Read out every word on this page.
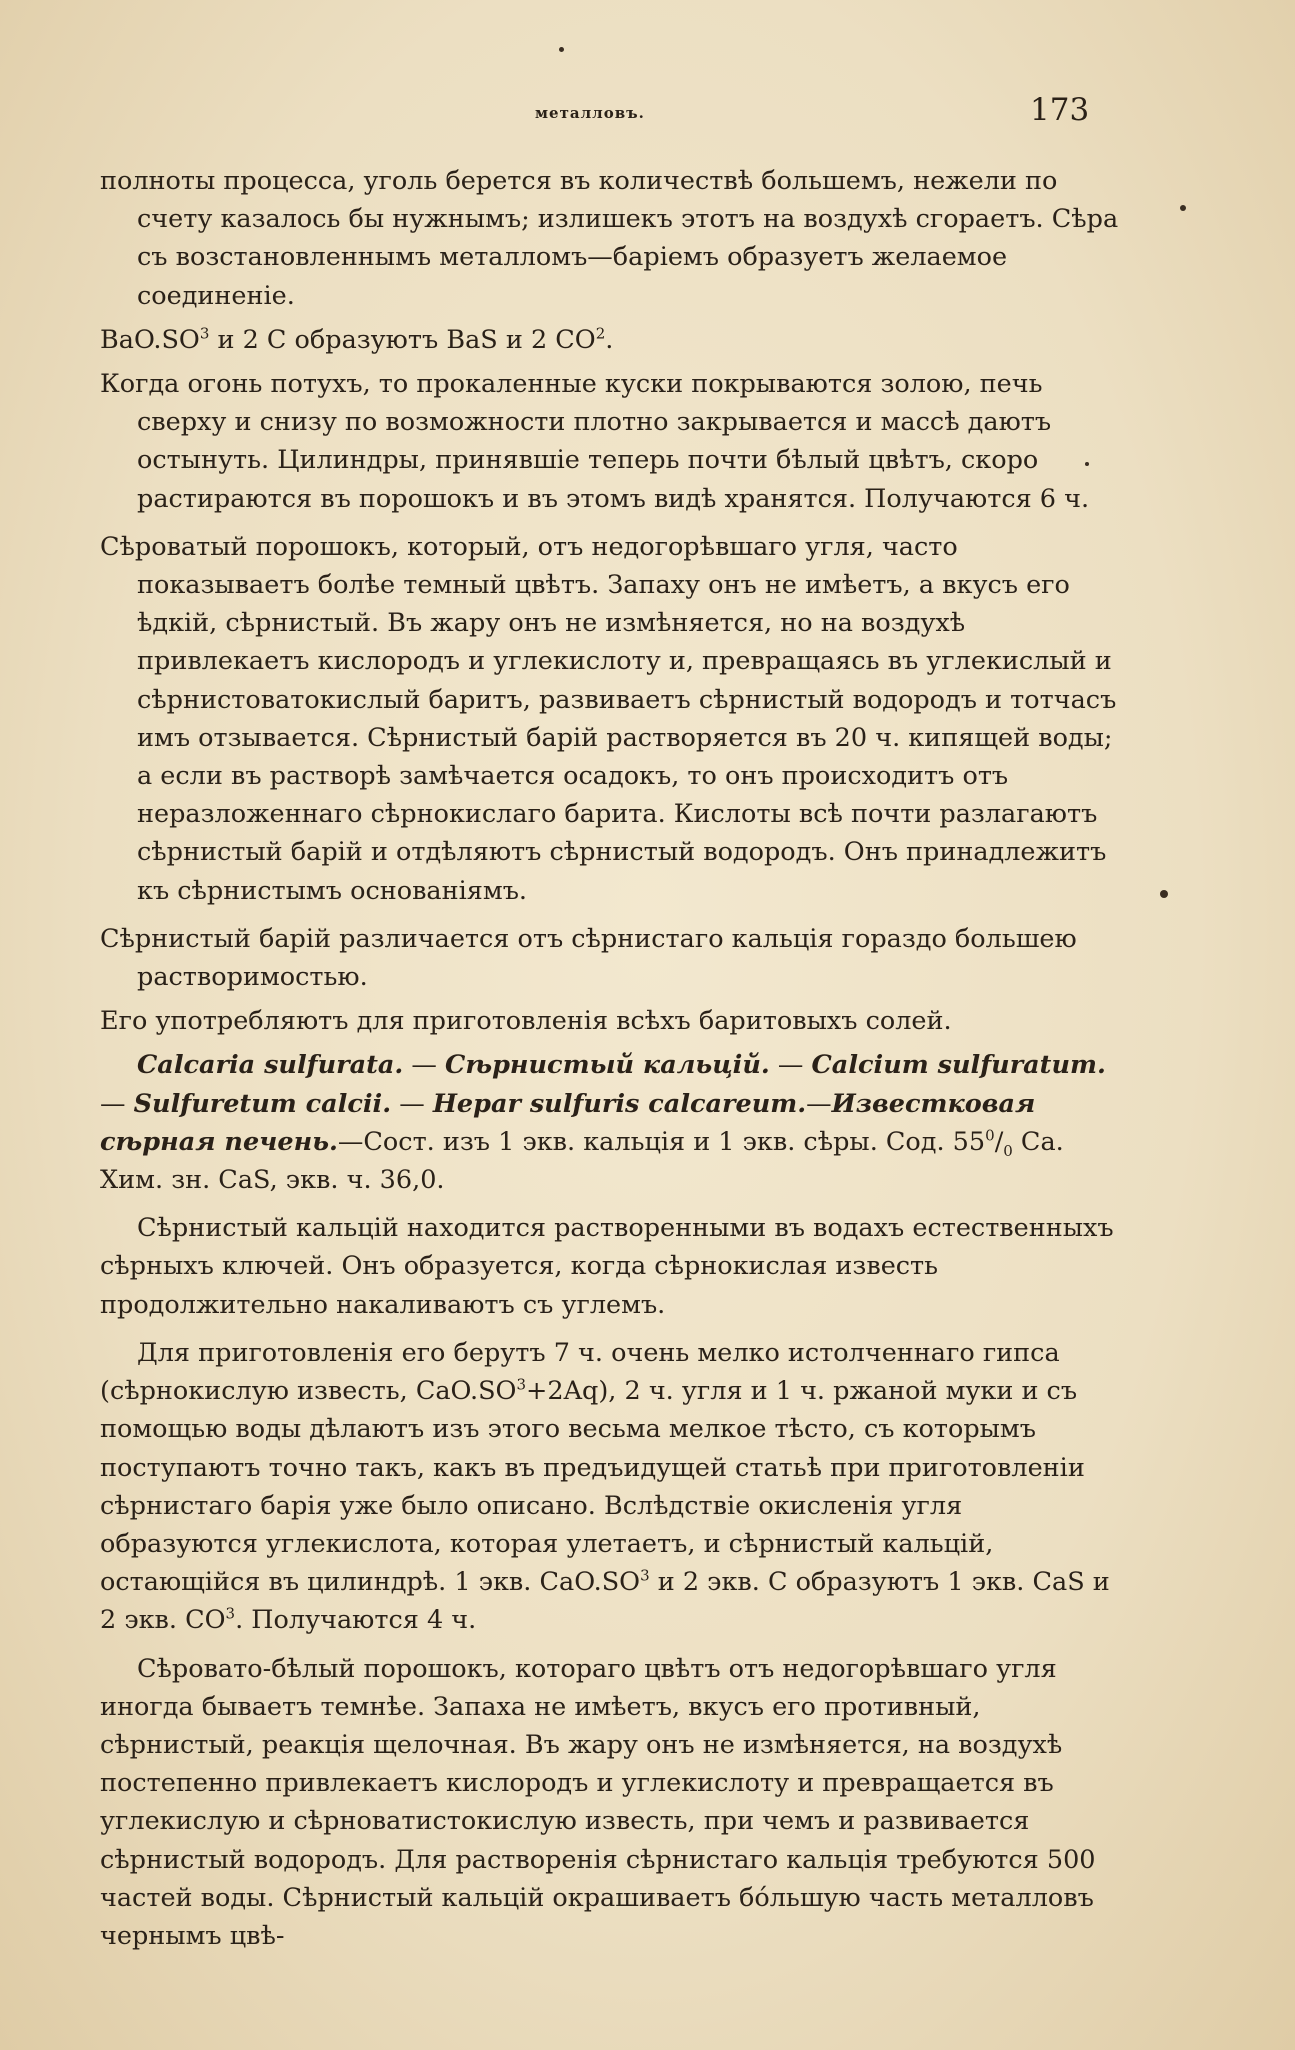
металловъ.	173

полноты процесса, уголь берется въ количествѣ большемъ, нежели по счету казалось бы нужнымъ; излишекъ этотъ на воздухѣ сгораетъ. Сѣра съ возстановленнымъ металломъ—баріемъ образуетъ желаемое соединеніе.

$BaO.SO^3$ и 2 C образуютъ BaS и 2 $CO^2$.

Когда огонь потухъ, то прокаленные куски покрываются золою, печь сверху и снизу по возможности плотно закрывается и массѣ даютъ остынуть. Цилиндры, принявшіе теперь почти бѣлый цвѣтъ, скоро растираются въ порошокъ и въ этомъ видѣ хранятся. Получаются 6 ч.

Сѣроватый порошокъ, который, отъ недогорѣвшаго угля, часто показываетъ болѣе темный цвѣтъ. Запаху онъ не имѣетъ, а вкусъ его ѣдкій, сѣрнистый. Въ жару онъ не измѣняется, но на воздухѣ привлекаетъ кислородъ и углекислоту и, превращаясь въ углекислый и сѣрнистоватокислый баритъ, развиваетъ сѣрнистый водородъ и тотчасъ имъ отзывается. Сѣрнистый барій растворяется въ 20 ч. кипящей воды; а если въ растворѣ замѣчается осадокъ, то онъ происходитъ отъ неразложеннаго сѣрнокислаго барита. Кислоты всѣ почти разлагаютъ сѣрнистый барій и отдѣляютъ сѣрнистый водородъ. Онъ принадлежитъ къ сѣрнистымъ основаніямъ.

Сѣрнистый барій различается отъ сѣрнистаго кальція гораздо большею растворимостью.

Его употребляютъ для приготовленія всѣхъ баритовыхъ солей.

Calcaria sulfurata. — Сѣрнистый кальцій. — Calcium sulfuratum. — Sulfuretum calcii. — Hepar sulfuris calcareum.—Известковая сѣрная печень.—Сост. изъ 1 экв. кальція и 1 экв. сѣры. Сод. $55^0/_0$ Ca. Хим. зн. CaS, экв. ч. 36,0.

Сѣрнистый кальцій находится растворенными въ водахъ естественныхъ сѣрныхъ ключей. Онъ образуется, когда сѣрнокислая известь продолжительно накаливаютъ съ углемъ.

Для приготовленія его берутъ 7 ч. очень мелко истолченнаго гипса (сѣрнокислую известь, $CaO.SO^3+2Aq$), 2 ч. угля и 1 ч. ржаной муки и съ помощью воды дѣлаютъ изъ этого весьма мелкое тѣсто, съ которымъ поступаютъ точно такъ, какъ въ предъидущей статьѣ при приготовленіи сѣрнистаго барія уже было описано. Вслѣдствіе окисленія угля образуются углекислота, которая улетаетъ, и сѣрнистый кальцій, остающійся въ цилиндрѣ. 1 экв. $CaO.SO^3$ и 2 экв. C образуютъ 1 экв. CaS и 2 экв. $CO^3$. Получаются 4 ч.

Сѣровато-бѣлый порошокъ, котораго цвѣтъ отъ недогорѣвшаго угля иногда бываетъ темнѣе. Запаха не имѣетъ, вкусъ его противный, сѣрнистый, реакція щелочная. Въ жару онъ не измѣняется, на воздухѣ постепенно привлекаетъ кислородъ и углекислоту и превращается въ углекислую и сѣрноватистокислую известь, при чемъ и развивается сѣрнистый водородъ. Для растворенія сѣрнистаго кальція требуются 500 частей воды. Сѣрнистый кальцій окрашиваетъ бо́льшую часть металловъ чернымъ цвѣ-
